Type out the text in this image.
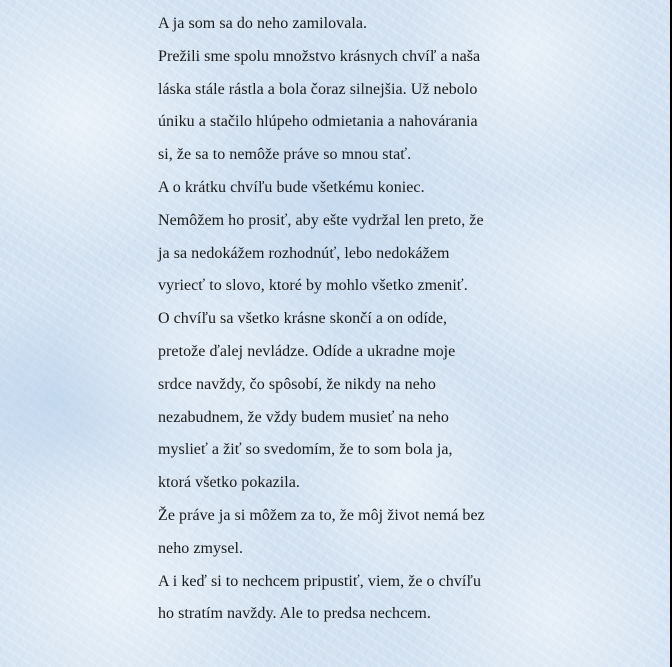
A ja som sa do neho zamilovala.
Prežili sme spolu množstvo krásnych chvíľ a naša
láska stále rástla a bola čoraz silnejšia. Už nebolo
úniku a stačilo hlúpeho odmietania a nahovárania
si, že sa to nemôže práve so mnou stať.
A o krátku chvíľu bude všetkému koniec.
Nemôžem ho prosiť, aby ešte vydržal len preto, že
ja sa nedokážem rozhodnúť, lebo nedokážem
vyriecť to slovo, ktoré by mohlo všetko zmeniť.
O chvíľu sa všetko krásne skončí a on odíde,
pretože ďalej nevládze. Odíde a ukradne moje
srdce navždy, čo spôsobí, že nikdy na neho
nezabudnem, že vždy budem musieť na neho
myslieť a žiť so svedomím, že to som bola ja,
ktorá všetko pokazila.
Že práve ja si môžem za to, že môj život nemá bez
neho zmysel.
A i keď si to nechcem pripustiť, viem, že o chvíľu
ho stratím navždy. Ale to predsa nechcem.
